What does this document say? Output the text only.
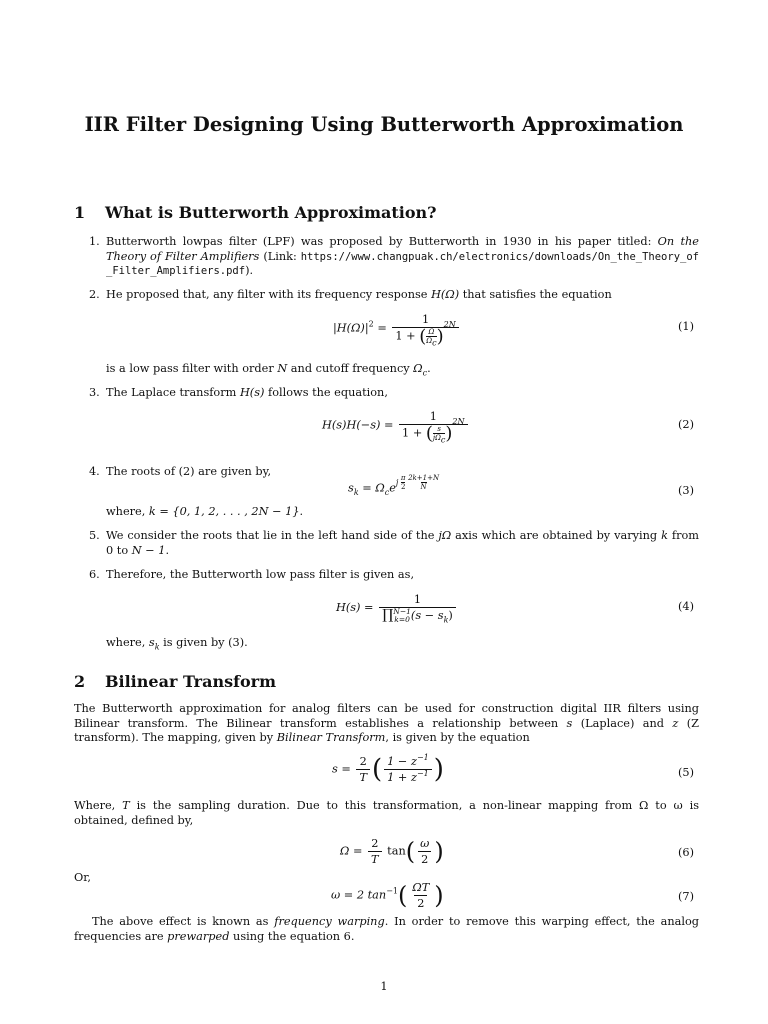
IIR Filter Designing Using Butterworth Approximation
1 What is Butterworth Approximation?
1. Butterworth lowpas filter (LPF) was proposed by Butterworth in 1930 in his paper titled: On the Theory of Filter Amplifiers (Link: https://www.changpuak.ch/electronics/downloads/On_the_Theory_of_Filter_Amplifiers.pdf).
2. He proposed that, any filter with its frequency response H(Ω) that satisfies the equation
$|H(\Omega)|^2 = \frac{1}{1 + ( \frac{\Omega}{\Omega_c} )^{2N}}$	(1)
is a low pass filter with order N and cutoff frequency $\Omega_c$.
3. The Laplace transform H(s) follows the equation,
H(s)H(−s) = 1
1 + ( s
$j\Omega_c$ )$^{2N}$	(2)
4. The roots of (2) are given by,
$s_k = \Omega_ce^{j \frac{\pi}{2} \frac{2k+1+N}{N}}$	(3)
where, k = {0, 1, 2, . . . , 2N − 1}.
5. We consider the roots that lie in the left hand side of the jΩ axis which are obtained by varying k from 0 to N − 1.
6. Therefore, the Butterworth low pass filter is given as,
H(s) = 1
∏ N−1
k=0 $(s - s_k)$	(4)
where, $s_k$ is given by (3).
2 Bilinear Transform
The Butterworth approximation for analog filters can be used for construction digital IIR filters using Bilinear transform. The Bilinear transform establishes a relationship between s (Laplace) and z (Z transform). The mapping, given by Bilinear Transform, is given by the equation
$s = \frac{2}{T}$ ( $\frac{1 - z^{-1}}{1 + z^{-1}}$ )	(5)
Where, T is the sampling duration. Due to this transformation, a non-linear mapping from Ω to ω is obtained, defined by,
$\Omega = \frac{2}{T} \tan( \frac{\omega}{2}$ )	(6)
Or,
ω = 2 $\tan^{-1}( \frac{\Omega T}{2}$ )	(7)
The above effect is known as frequency warping. In order to remove this warping effect, the analog frequencies are prewarped using the equation 6.
1
